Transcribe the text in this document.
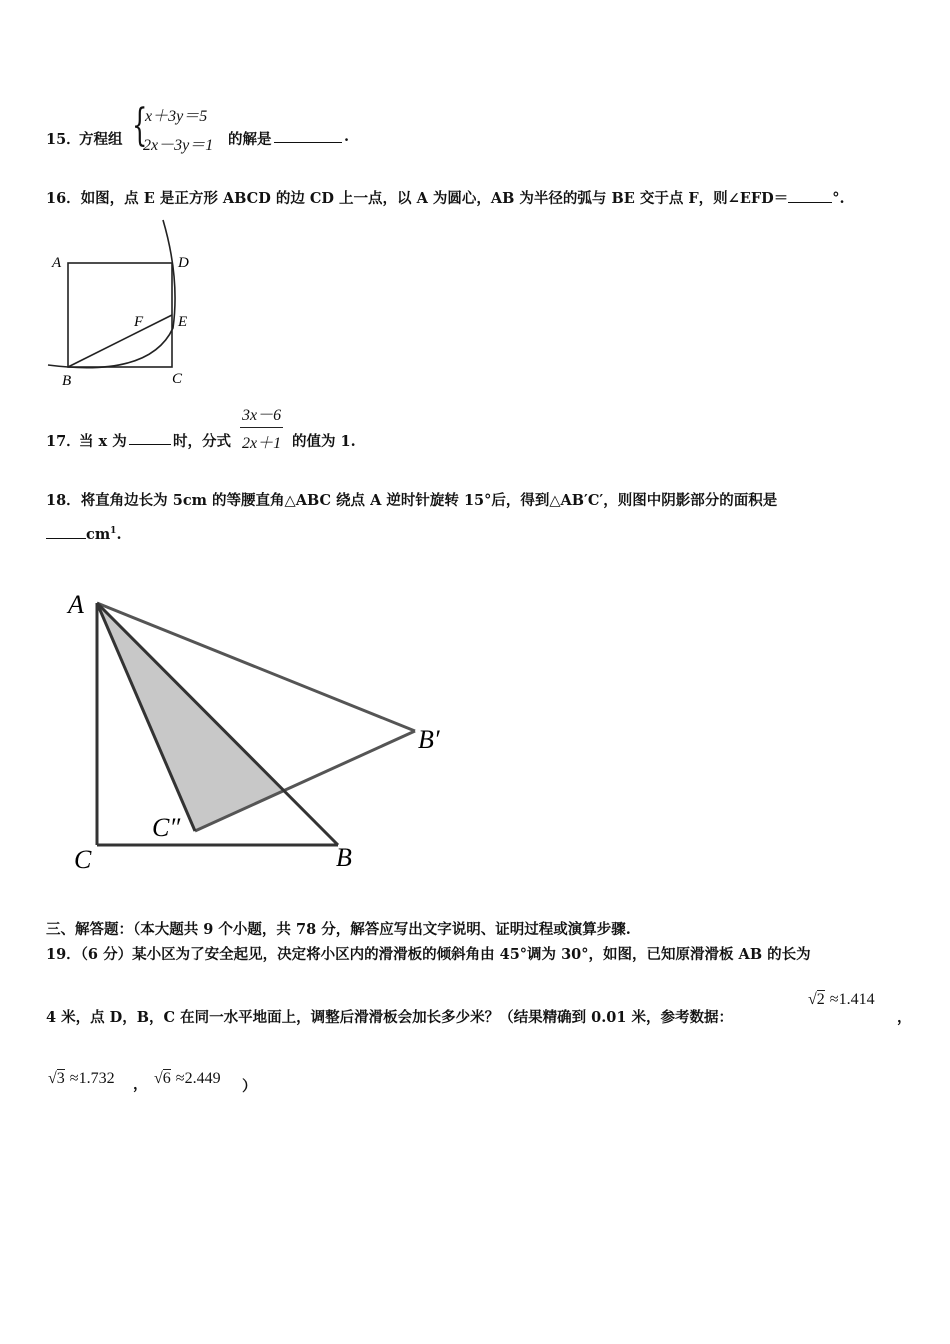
15．
方程组 {
x＋3y＝5
2x－3y＝1 的解是	.
16．如图，点 E 是正方形 ABCD 的边 CD 上一点，以 A 为圆心，AB 为半径的弧与 BE 交于点 F，则∠EFD＝	°.
A	D
E
F
B	C
17．
当 x 为	时，分式 $\frac{3x-6}{2x+1}$ 的值为 1.
18．将直角边长为 5cm 的等腰直角△ABC 绕点 A 逆时针旋转 15°后，得到△AB′C′，则图中阴影部分的面积是
$cm^1$.
A
B′
C″
C	B
三、解答题：（本大题共 9 个小题，共 78 分，解答应写出文字说明、证明过程或演算步骤.
19．（6 分）某小区为了安全起见，决定将小区内的滑滑板的倾斜角由 45°调为 30°，如图，已知原滑滑板 AB 的长为
4 米，点 D，B，C 在同一水平地面上，调整后滑滑板会加长多少米？（结果精确到 0.01 米，参考数据：
√2 ≈1.414
，
√3 ≈1.732 ， √6 ≈2.449 ）
